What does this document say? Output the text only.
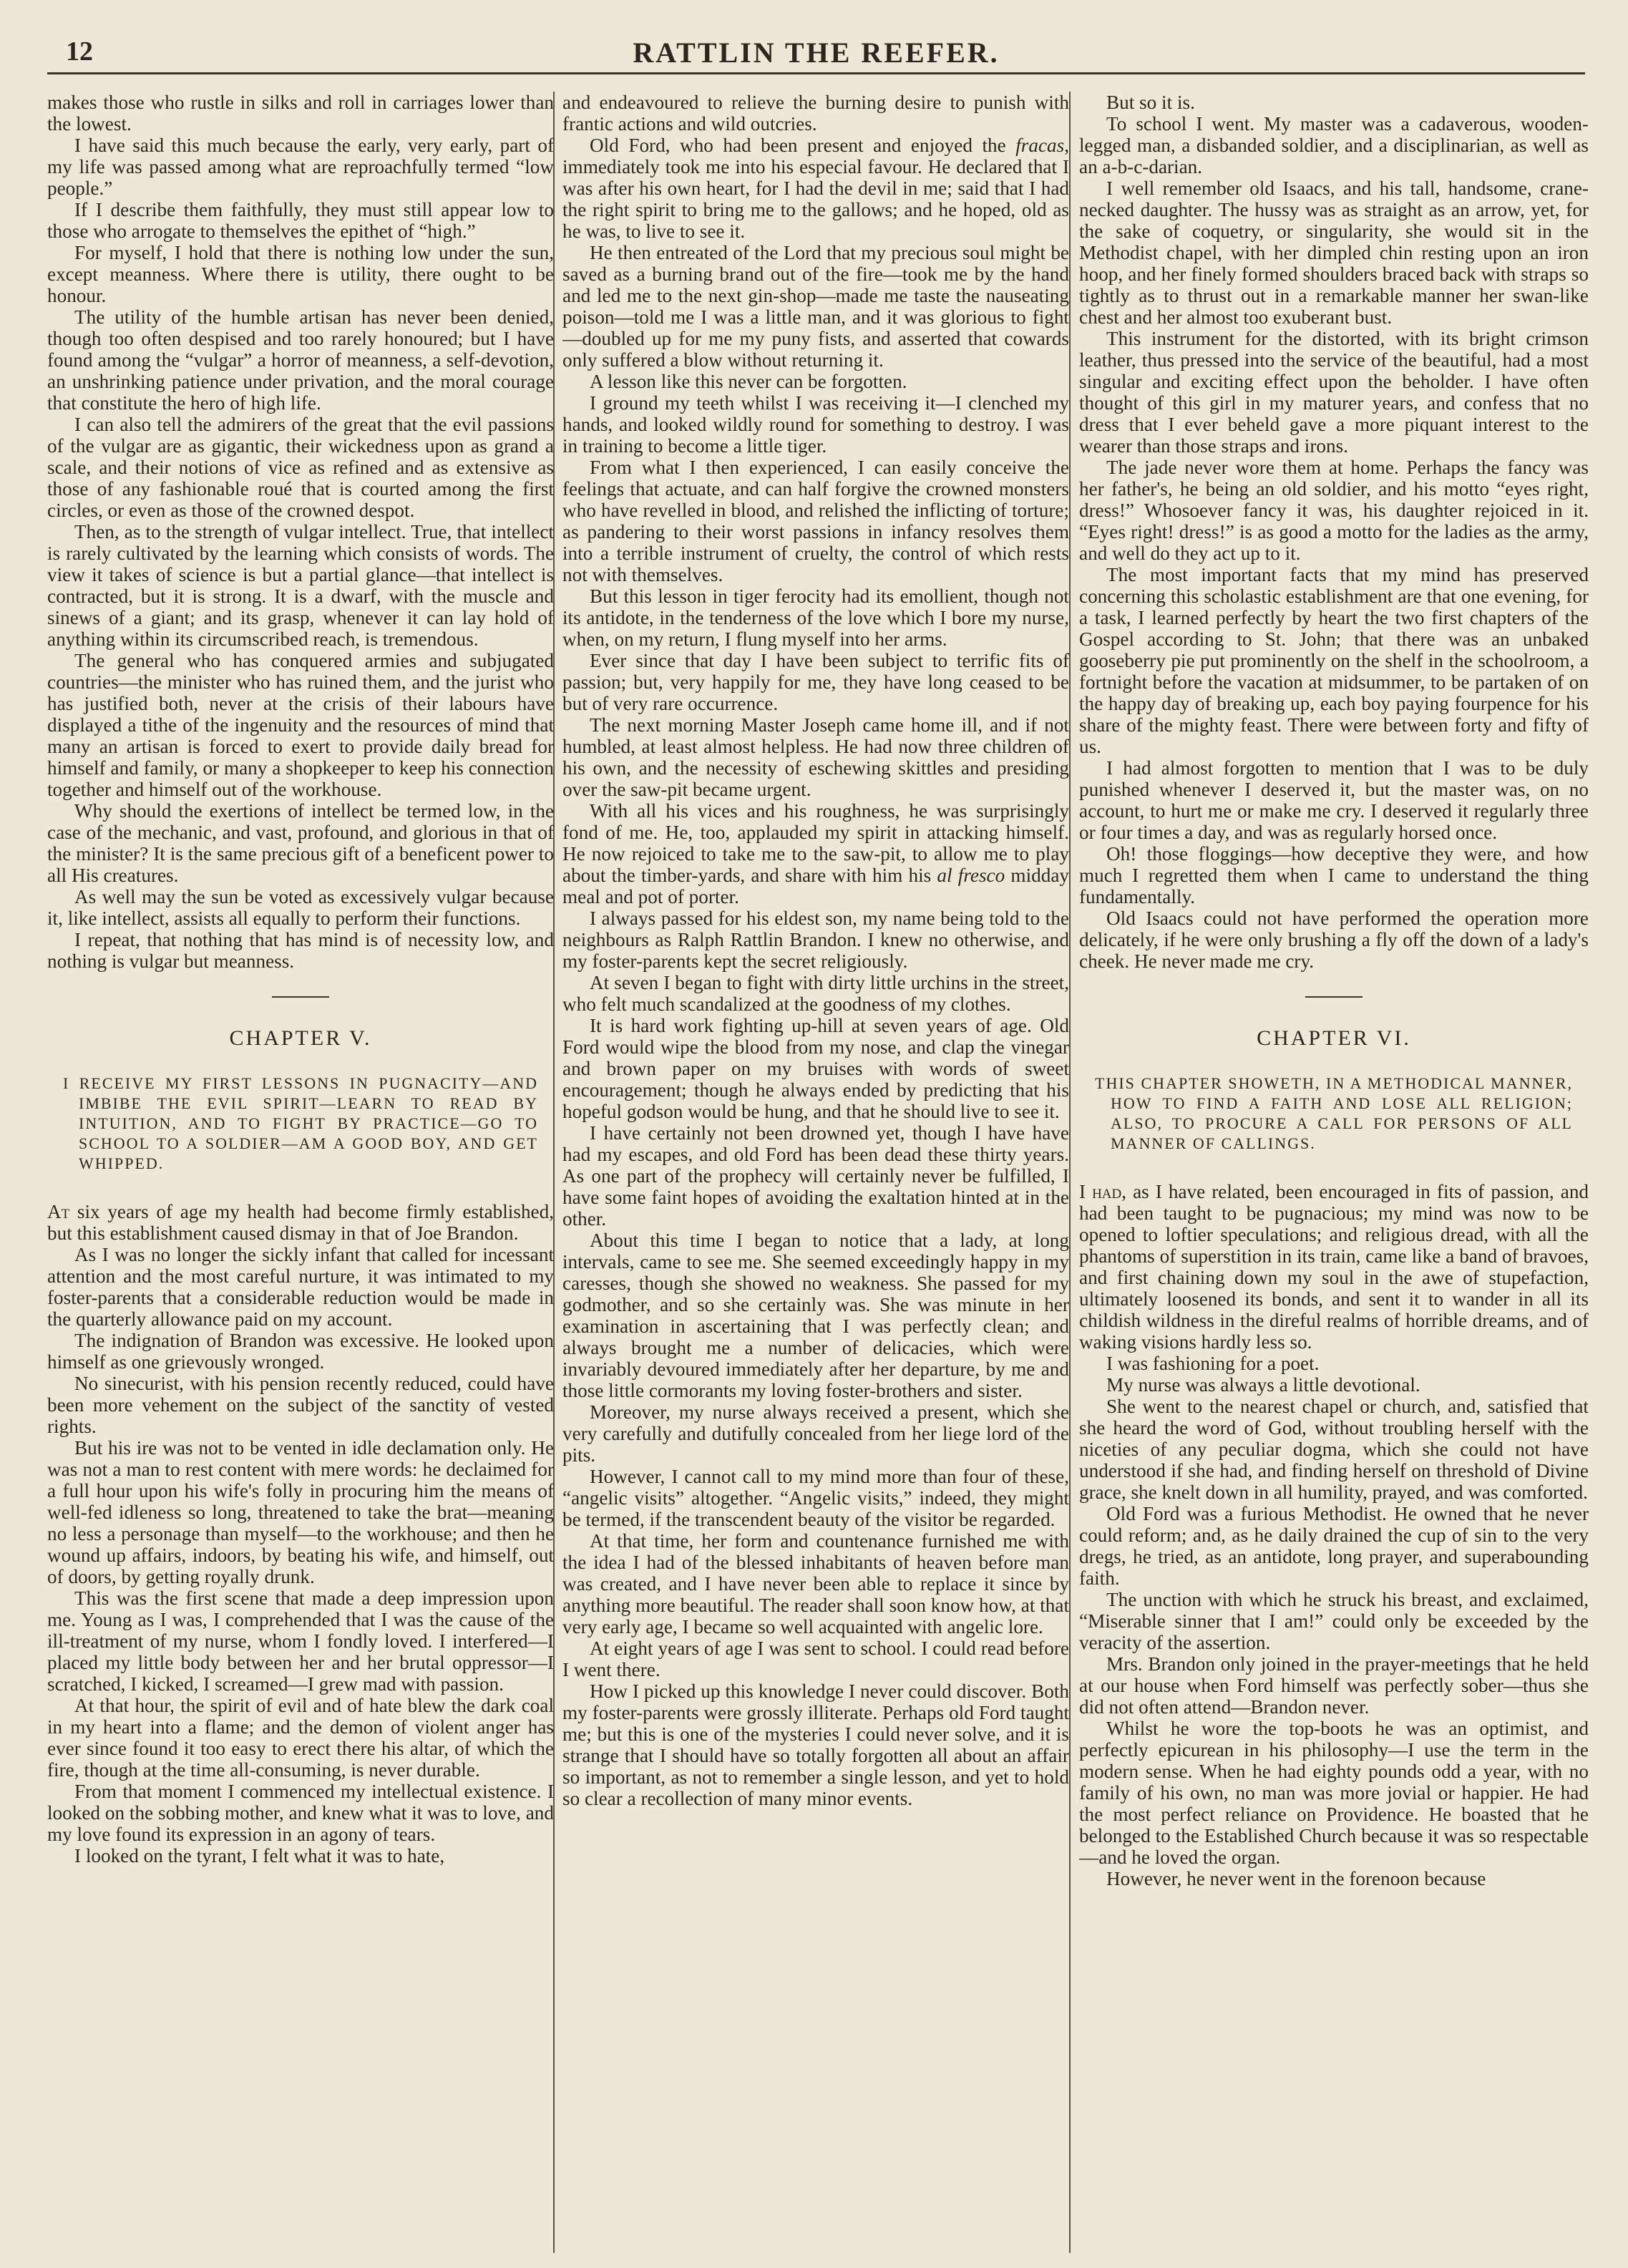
12	RATTLIN THE REEFER.

makes those who rustle in silks and roll in carriages lower than the lowest.

I have said this much because the early, very early, part of my life was passed among what are reproachfully termed “low people.”

If I describe them faithfully, they must still appear low to those who arrogate to themselves the epithet of “high.”

For myself, I hold that there is nothing low under the sun, except meanness. Where there is utility, there ought to be honour.

The utility of the humble artisan has never been denied, though too often despised and too rarely honoured; but I have found among the “vulgar” a horror of meanness, a self-devotion, an unshrinking patience under privation, and the moral courage that constitute the hero of high life.

I can also tell the admirers of the great that the evil passions of the vulgar are as gigantic, their wickedness upon as grand a scale, and their notions of vice as refined and as extensive as those of any fashionable roué that is courted among the first circles, or even as those of the crowned despot.

Then, as to the strength of vulgar intellect. True, that intellect is rarely cultivated by the learning which consists of words. The view it takes of science is but a partial glance—that intellect is contracted, but it is strong. It is a dwarf, with the muscle and sinews of a giant; and its grasp, whenever it can lay hold of anything within its circumscribed reach, is tremendous.

The general who has conquered armies and subjugated countries—the minister who has ruined them, and the jurist who has justified both, never at the crisis of their labours have displayed a tithe of the ingenuity and the resources of mind that many an artisan is forced to exert to provide daily bread for himself and family, or many a shopkeeper to keep his connection together and himself out of the workhouse.

Why should the exertions of intellect be termed low, in the case of the mechanic, and vast, profound, and glorious in that of the minister? It is the same precious gift of a beneficent power to all His creatures.

As well may the sun be voted as excessively vulgar because it, like intellect, assists all equally to perform their functions.

I repeat, that nothing that has mind is of necessity low, and nothing is vulgar but meanness.

CHAPTER V.
I RECEIVE MY FIRST LESSONS IN PUGNACITY—AND IMBIBE THE EVIL SPIRIT—LEARN TO READ BY INTUITION, AND TO FIGHT BY PRACTICE—GO TO SCHOOL TO A SOLDIER—AM A GOOD BOY, AND GET WHIPPED.

At six years of age my health had become firmly established, but this establishment caused dismay in that of Joe Brandon.

As I was no longer the sickly infant that called for incessant attention and the most careful nurture, it was intimated to my foster-parents that a considerable reduction would be made in the quarterly allowance paid on my account.

The indignation of Brandon was excessive. He looked upon himself as one grievously wronged.

No sinecurist, with his pension recently reduced, could have been more vehement on the subject of the sanctity of vested rights.

But his ire was not to be vented in idle declamation only. He was not a man to rest content with mere words: he declaimed for a full hour upon his wife's folly in procuring him the means of well-fed idleness so long, threatened to take the brat—meaning no less a personage than myself—to the workhouse; and then he wound up affairs, indoors, by beating his wife, and himself, out of doors, by getting royally drunk.

This was the first scene that made a deep impression upon me. Young as I was, I comprehended that I was the cause of the ill-treatment of my nurse, whom I fondly loved. I interfered—I placed my little body between her and her brutal oppressor—I scratched, I kicked, I screamed—I grew mad with passion.

At that hour, the spirit of evil and of hate blew the dark coal in my heart into a flame; and the demon of violent anger has ever since found it too easy to erect there his altar, of which the fire, though at the time all-consuming, is never durable.

From that moment I commenced my intellectual existence. I looked on the sobbing mother, and knew what it was to love, and my love found its expression in an agony of tears.

I looked on the tyrant, I felt what it was to hate,

and endeavoured to relieve the burning desire to punish with frantic actions and wild outcries.

Old Ford, who had been present and enjoyed the fracas, immediately took me into his especial favour. He declared that I was after his own heart, for I had the devil in me; said that I had the right spirit to bring me to the gallows; and he hoped, old as he was, to live to see it.

He then entreated of the Lord that my precious soul might be saved as a burning brand out of the fire—took me by the hand and led me to the next gin-shop—made me taste the nauseating poison—told me I was a little man, and it was glorious to fight—doubled up for me my puny fists, and asserted that cowards only suffered a blow without returning it.

A lesson like this never can be forgotten.

I ground my teeth whilst I was receiving it—I clenched my hands, and looked wildly round for something to destroy. I was in training to become a little tiger.

From what I then experienced, I can easily conceive the feelings that actuate, and can half forgive the crowned monsters who have revelled in blood, and relished the inflicting of torture; as pandering to their worst passions in infancy resolves them into a terrible instrument of cruelty, the control of which rests not with themselves.

But this lesson in tiger ferocity had its emollient, though not its antidote, in the tenderness of the love which I bore my nurse, when, on my return, I flung myself into her arms.

Ever since that day I have been subject to terrific fits of passion; but, very happily for me, they have long ceased to be but of very rare occurrence.

The next morning Master Joseph came home ill, and if not humbled, at least almost helpless. He had now three children of his own, and the necessity of eschewing skittles and presiding over the saw-pit became urgent.

With all his vices and his roughness, he was surprisingly fond of me. He, too, applauded my spirit in attacking himself. He now rejoiced to take me to the saw-pit, to allow me to play about the timber-yards, and share with him his al fresco midday meal and pot of porter.

I always passed for his eldest son, my name being told to the neighbours as Ralph Rattlin Brandon. I knew no otherwise, and my foster-parents kept the secret religiously.

At seven I began to fight with dirty little urchins in the street, who felt much scandalized at the goodness of my clothes.

It is hard work fighting up-hill at seven years of age. Old Ford would wipe the blood from my nose, and clap the vinegar and brown paper on my bruises with words of sweet encouragement; though he always ended by predicting that his hopeful godson would be hung, and that he should live to see it.

I have certainly not been drowned yet, though I have have had my escapes, and old Ford has been dead these thirty years. As one part of the prophecy will certainly never be fulfilled, I have some faint hopes of avoiding the exaltation hinted at in the other.

About this time I began to notice that a lady, at long intervals, came to see me. She seemed exceedingly happy in my caresses, though she showed no weakness. She passed for my godmother, and so she certainly was. She was minute in her examination in ascertaining that I was perfectly clean; and always brought me a number of delicacies, which were invariably devoured immediately after her departure, by me and those little cormorants my loving foster-brothers and sister.

Moreover, my nurse always received a present, which she very carefully and dutifully concealed from her liege lord of the pits.

However, I cannot call to my mind more than four of these, “angelic visits” altogether. “Angelic visits,” indeed, they might be termed, if the transcendent beauty of the visitor be regarded.

At that time, her form and countenance furnished me with the idea I had of the blessed inhabitants of heaven before man was created, and I have never been able to replace it since by anything more beautiful. The reader shall soon know how, at that very early age, I became so well acquainted with angelic lore.

At eight years of age I was sent to school. I could read before I went there.

How I picked up this knowledge I never could discover. Both my foster-parents were grossly illiterate. Perhaps old Ford taught me; but this is one of the mysteries I could never solve, and it is strange that I should have so totally forgotten all about an affair so important, as not to remember a single lesson, and yet to hold so clear a recollection of many minor events.

But so it is.

To school I went. My master was a cadaverous, wooden-legged man, a disbanded soldier, and a disciplinarian, as well as an a-b-c-darian.

I well remember old Isaacs, and his tall, handsome, crane-necked daughter. The hussy was as straight as an arrow, yet, for the sake of coquetry, or singularity, she would sit in the Methodist chapel, with her dimpled chin resting upon an iron hoop, and her finely formed shoulders braced back with straps so tightly as to thrust out in a remarkable manner her swan-like chest and her almost too exuberant bust.

This instrument for the distorted, with its bright crimson leather, thus pressed into the service of the beautiful, had a most singular and exciting effect upon the beholder. I have often thought of this girl in my maturer years, and confess that no dress that I ever beheld gave a more piquant interest to the wearer than those straps and irons.

The jade never wore them at home. Perhaps the fancy was her father's, he being an old soldier, and his motto “eyes right, dress!” Whosoever fancy it was, his daughter rejoiced in it. “Eyes right! dress!” is as good a motto for the ladies as the army, and well do they act up to it.

The most important facts that my mind has preserved concerning this scholastic establishment are that one evening, for a task, I learned perfectly by heart the two first chapters of the Gospel according to St. John; that there was an unbaked gooseberry pie put prominently on the shelf in the schoolroom, a fortnight before the vacation at midsummer, to be partaken of on the happy day of breaking up, each boy paying fourpence for his share of the mighty feast. There were between forty and fifty of us.

I had almost forgotten to mention that I was to be duly punished whenever I deserved it, but the master was, on no account, to hurt me or make me cry. I deserved it regularly three or four times a day, and was as regularly horsed once.

Oh! those floggings—how deceptive they were, and how much I regretted them when I came to understand the thing fundamentally.

Old Isaacs could not have performed the operation more delicately, if he were only brushing a fly off the down of a lady's cheek. He never made me cry.

CHAPTER VI.
THIS CHAPTER SHOWETH, IN A METHODICAL MANNER, HOW TO FIND A FAITH AND LOSE ALL RELIGION; ALSO, TO PROCURE A CALL FOR PERSONS OF ALL MANNER OF CALLINGS.

I had, as I have related, been encouraged in fits of passion, and had been taught to be pugnacious; my mind was now to be opened to loftier speculations; and religious dread, with all the phantoms of superstition in its train, came like a band of bravoes, and first chaining down my soul in the awe of stupefaction, ultimately loosened its bonds, and sent it to wander in all its childish wildness in the direful realms of horrible dreams, and of waking visions hardly less so.

I was fashioning for a poet.

My nurse was always a little devotional.

She went to the nearest chapel or church, and, satisfied that she heard the word of God, without troubling herself with the niceties of any peculiar dogma, which she could not have understood if she had, and finding herself on threshold of Divine grace, she knelt down in all humility, prayed, and was comforted.

Old Ford was a furious Methodist. He owned that he never could reform; and, as he daily drained the cup of sin to the very dregs, he tried, as an antidote, long prayer, and superabounding faith.

The unction with which he struck his breast, and exclaimed, “Miserable sinner that I am!” could only be exceeded by the veracity of the assertion.

Mrs. Brandon only joined in the prayer-meetings that he held at our house when Ford himself was perfectly sober—thus she did not often attend—Brandon never.

Whilst he wore the top-boots he was an optimist, and perfectly epicurean in his philosophy—I use the term in the modern sense. When he had eighty pounds odd a year, with no family of his own, no man was more jovial or happier. He had the most perfect reliance on Providence. He boasted that he belonged to the Established Church because it was so respectable—and he loved the organ.

However, he never went in the forenoon because
